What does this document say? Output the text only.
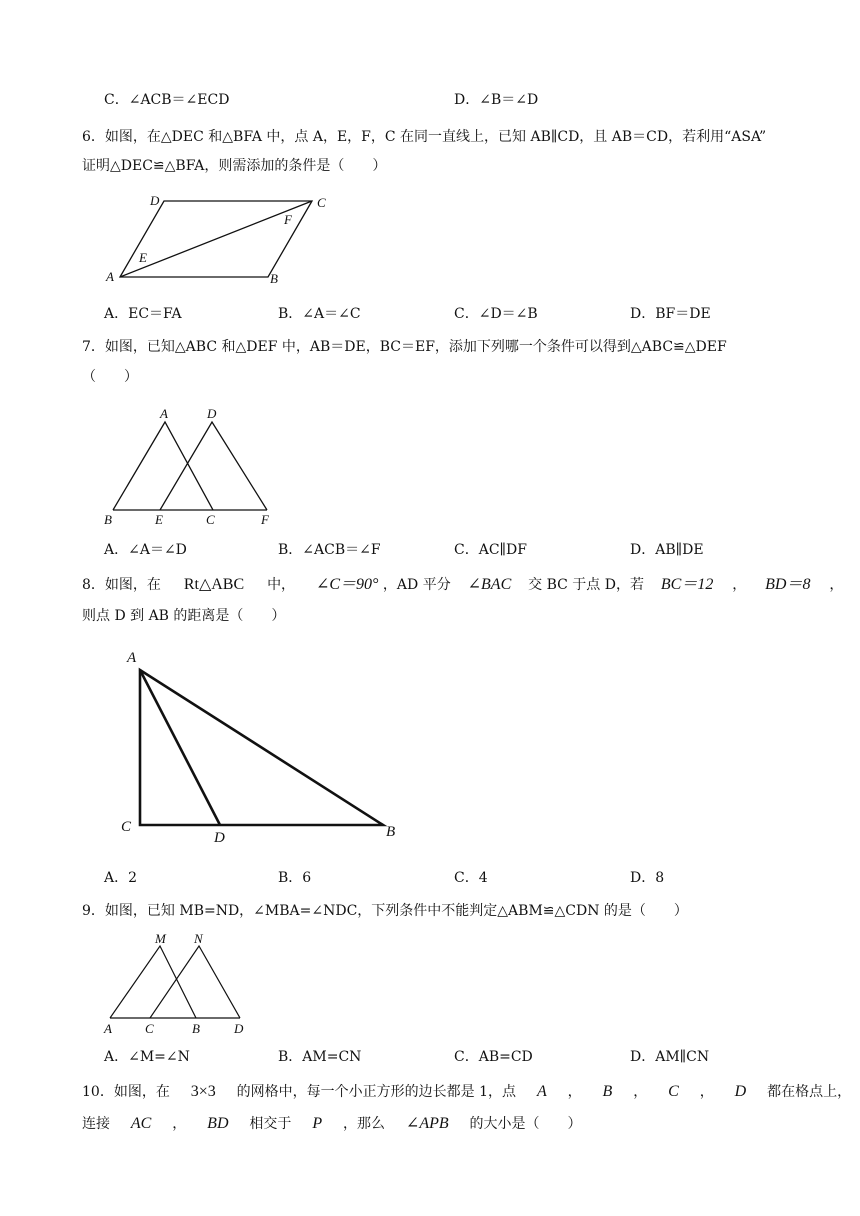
C．∠ACB＝∠ECD	D．∠B＝∠D
6．如图，在△DEC 和△BFA 中，点 A，E，F，C 在同一直线上，已知 AB∥CD，且 AB＝CD，若利用“ASA”
证明△DEC≌△BFA，则需添加的条件是（　　）
D	C
F
E
A	B
A．EC＝FA	B．∠A＝∠C	C．∠D＝∠B	D．BF＝DE
7．如图，已知△ABC 和△DEF 中，AB＝DE，BC＝EF，添加下列哪一个条件可以得到△ABC≌△DEF
（　　）
A	D
B	E	C	F
A．∠A＝∠D	B．∠ACB＝∠F	C．AC∥DF	D．AB∥DE
8．如图，在 Rt△ABC 中， ∠C＝90° ，AD 平分 ∠BAC 交 BC 于点 D，若 BC＝12 ， BD＝8 ，
则点 D 到 AB 的距离是（　　）
A
C
D	B
A．2	B．6	C．4	D．8
9．如图，已知 MB=ND，∠MBA=∠NDC，下列条件中不能判定△ABM≌△CDN 的是（　　）
M N
A	C	B	D
A．∠M=∠N	B．AM=CN	C．AB=CD	D．AM∥CN
10．如图，在 3×3 的网格中，每一个小正方形的边长都是 1，点 A ， B ， C ， D 都在格点上，
连接 AC ， BD 相交于 P ，那么 ∠APB 的大小是（　　）
